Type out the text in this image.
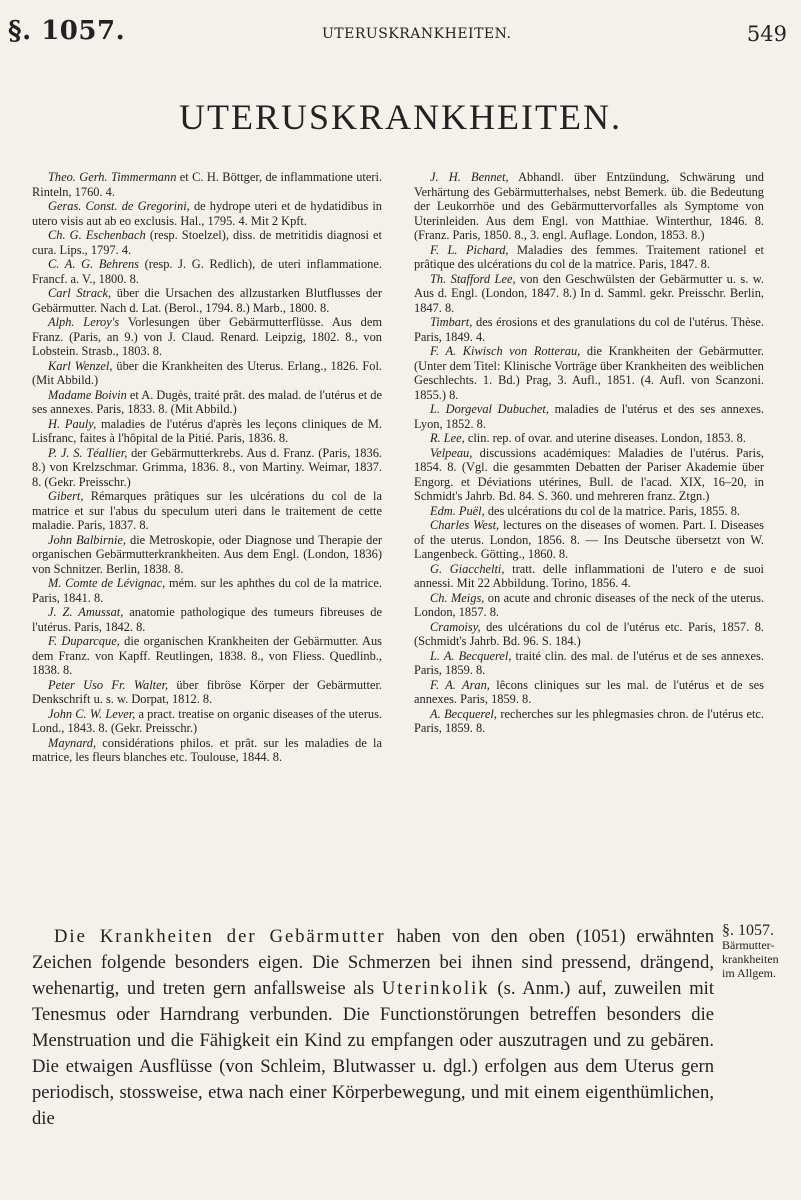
§. 1057.	UTERUSKRANKHEITEN.	549
UTERUSKRANKHEITEN.

Theo. Gerh. Timmermann et C. H. Böttger, de inflammatione uteri. Rinteln, 1760. 4.

Geras. Const. de Gregorini, de hydrope uteri et de hydatidibus in utero visis aut ab eo exclusis. Hal., 1795. 4. Mit 2 Kpft.

Ch. G. Eschenbach (resp. Stoelzel), diss. de metritidis diagnosi et cura. Lips., 1797. 4.

C. A. G. Behrens (resp. J. G. Redlich), de uteri inflammatione. Francf. a. V., 1800. 8.

Carl Strack, über die Ursachen des allzustarken Blutflusses der Gebärmutter. Nach d. Lat. (Berol., 1794. 8.) Marb., 1800. 8.

Alph. Leroy's Vorlesungen über Gebärmutterflüsse. Aus dem Franz. (Paris, an 9.) von J. Claud. Renard. Leipzig, 1802. 8., von Lobstein. Strasb., 1803. 8.

Karl Wenzel, über die Krankheiten des Uterus. Erlang., 1826. Fol. (Mit Abbild.)

Madame Boivin et A. Dugès, traité prât. des malad. de l'utérus et de ses annexes. Paris, 1833. 8. (Mit Abbild.)

H. Pauly, maladies de l'utérus d'après les leçons cliniques de M. Lisfranc, faites à l'hôpital de la Pitié. Paris, 1836. 8.

P. J. S. Téallier, der Gebärmutterkrebs. Aus d. Franz. (Paris, 1836. 8.) von Krelzschmar. Grimma, 1836. 8., von Martiny. Weimar, 1837. 8. (Gekr. Preisschr.)

Gibert, Rémarques prâtiques sur les ulcérations du col de la matrice et sur l'abus du speculum uteri dans le traitement de cette maladie. Paris, 1837. 8.

John Balbirnie, die Metroskopie, oder Diagnose und Therapie der organischen Gebärmutterkrankheiten. Aus dem Engl. (London, 1836) von Schnitzer. Berlin, 1838. 8.

M. Comte de Lévignac, mém. sur les aphthes du col de la matrice. Paris, 1841. 8.

J. Z. Amussat, anatomie pathologique des tumeurs fibreuses de l'utérus. Paris, 1842. 8.

F. Duparcque, die organischen Krankheiten der Gebärmutter. Aus dem Franz. von Kapff. Reutlingen, 1838. 8., von Fliess. Quedlinb., 1838. 8.

Peter Uso Fr. Walter, über fibröse Körper der Gebärmutter. Denkschrift u. s. w. Dorpat, 1812. 8.

John C. W. Lever, a pract. treatise on organic diseases of the uterus. Lond., 1843. 8. (Gekr. Preisschr.)

Maynard, considérations philos. et prât. sur les maladies de la matrice, les fleurs blanches etc. Toulouse, 1844. 8.

J. H. Bennet, Abhandl. über Entzündung, Schwärung und Verhärtung des Gebärmutterhalses, nebst Bemerk. üb. die Bedeutung der Leukorrhöe und des Gebärmuttervorfalles als Symptome von Uterinleiden. Aus dem Engl. von Matthiae. Winterthur, 1846. 8. (Franz. Paris, 1850. 8., 3. engl. Auflage. London, 1853. 8.)

F. L. Pichard, Maladies des femmes. Traitement rationel et prâtique des ulcérations du col de la matrice. Paris, 1847. 8.

Th. Stafford Lee, von den Geschwülsten der Gebärmutter u. s. w. Aus d. Engl. (London, 1847. 8.) In d. Samml. gekr. Preisschr. Berlin, 1847. 8.

Timbart, des érosions et des granulations du col de l'utérus. Thèse. Paris, 1849. 4.

F. A. Kiwisch von Rotterau, die Krankheiten der Gebärmutter. (Unter dem Titel: Klinische Vorträge über Krankheiten des weiblichen Geschlechts. 1. Bd.) Prag, 3. Aufl., 1851. (4. Aufl. von Scanzoni. 1855.) 8.

L. Dorgeval Dubuchet, maladies de l'utérus et des ses annexes. Lyon, 1852. 8.

R. Lee, clin. rep. of ovar. and uterine diseases. London, 1853. 8.

Velpeau, discussions académiques: Maladies de l'utérus. Paris, 1854. 8. (Vgl. die gesammten Debatten der Pariser Akademie über Engorg. et Déviations utérines, Bull. de l'acad. XIX, 16–20, in Schmidt's Jahrb. Bd. 84. S. 360. und mehreren franz. Ztgn.)

Edm. Puël, des ulcérations du col de la matrice. Paris, 1855. 8.

Charles West, lectures on the diseases of women. Part. I. Diseases of the uterus. London, 1856. 8. — Ins Deutsche übersetzt von W. Langenbeck. Götting., 1860. 8.

G. Giacchelti, tratt. delle inflammationi de l'utero e de suoi annessi. Mit 22 Abbildung. Torino, 1856. 4.

Ch. Meigs, on acute and chronic diseases of the neck of the uterus. London, 1857. 8.

Cramoisy, des ulcérations du col de l'utérus etc. Paris, 1857. 8. (Schmidt's Jahrb. Bd. 96. S. 184.)

L. A. Becquerel, traité clin. des mal. de l'utérus et de ses annexes. Paris, 1859. 8.

F. A. Aran, lêcons cliniques sur les mal. de l'utérus et de ses annexes. Paris, 1859. 8.

A. Becquerel, recherches sur les phlegmasies chron. de l'utérus etc. Paris, 1859. 8.

Die Krankheiten der Gebärmutter haben von den oben (1051) erwähnten Zeichen folgende besonders eigen. Die Schmerzen bei ihnen sind pressend, drängend, wehenartig, und treten gern anfallsweise als Uterinkolik (s. Anm.) auf, zuweilen mit Tenesmus oder Harndrang verbunden. Die Functionstörungen betreffen besonders die Menstruation und die Fähigkeit ein Kind zu empfangen oder auszutragen und zu gebären. Die etwaigen Ausflüsse (von Schleim, Blutwasser u. dgl.) erfolgen aus dem Uterus gern periodisch, stossweise, etwa nach einer Körperbewegung, und mit einem eigenthümlichen, die

§. 1057.
Bärmutter-
krankheiten
im Allgem.
